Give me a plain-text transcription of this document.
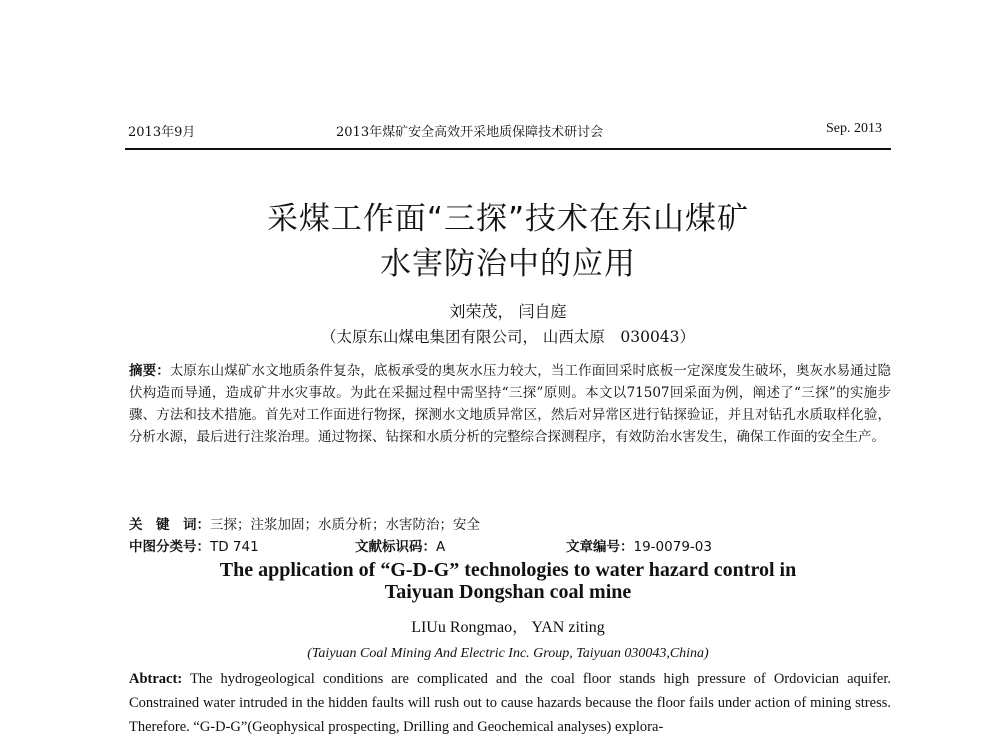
2013年9月	2013年煤矿安全高效开采地质保障技术研讨会	Sep. 2013
采煤工作面“三探”技术在东山煤矿
水害防治中的应用
刘荣茂， 闫自庭
（太原东山煤电集团有限公司， 山西太原　030043）

摘要：太原东山煤矿水文地质条件复杂，底板承受的奥灰水压力较大，当工作面回采时底板一定深度发生破坏，奥灰水易通过隐伏构造而导通，造成矿井水灾事故。为此在采掘过程中需坚持“三探”原则。本文以71507回采面为例，阐述了“三探”的实施步骤、方法和技术措施。首先对工作面进行物探，探测水文地质异常区，然后对异常区进行钻探验证，并且对钻孔水质取样化验，分析水源，最后进行注浆治理。通过物探、钻探和水质分析的完整综合探测程序，有效防治水害发生，确保工作面的安全生产。

关　键　词：三探；注浆加固；水质分析；水害防治；安全
中图分类号：TD 741	文献标识码：A	文章编号：19-0079-03
The application of “G-D-G” technologies to water hazard control in
Taiyuan Dongshan coal mine
LIUu Rongmao， YAN ziting
(Taiyuan Coal Mining And Electric Inc. Group, Taiyuan 030043,China)

Abtract: The hydrogeological conditions are complicated and the coal floor stands high pressure of Ordovician aquifer. Constrained water intruded in the hidden faults will rush out to cause hazards because the floor fails under action of mining stress. Therefore. “G-D-G”(Geophysical prospecting, Drilling and Geochemical analyses) explora-
